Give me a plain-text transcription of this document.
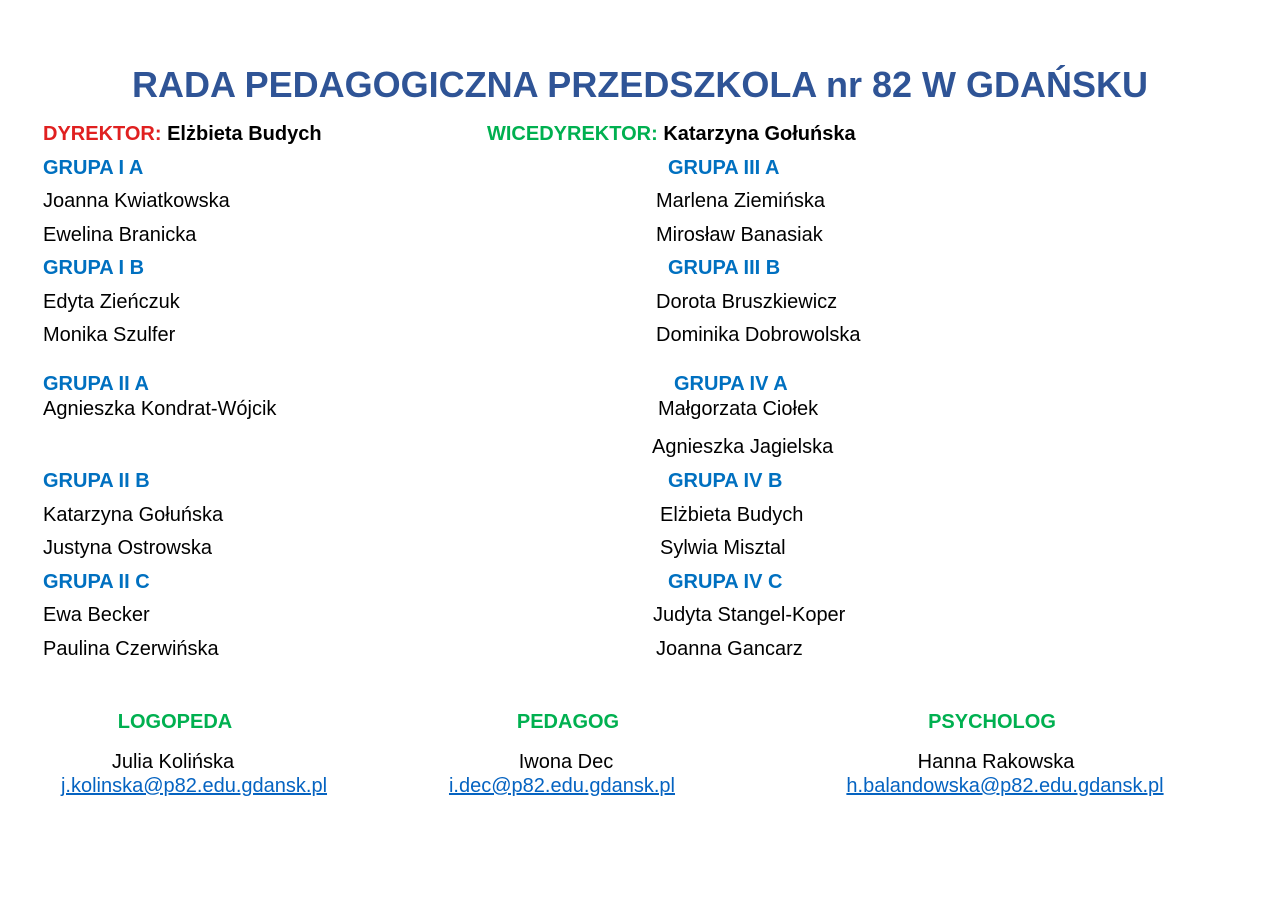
RADA PEDAGOGICZNA PRZEDSZKOLA nr 82 W GDAŃSKU
DYREKTOR: Elżbieta Budych	WICEDYREKTOR: Katarzyna Gołuńska
GRUPA I A
Joanna Kwiatkowska
Ewelina Branicka
GRUPA I B
Edyta Zieńczuk
Monika Szulfer
GRUPA II A
Agnieszka Kondrat-Wójcik
GRUPA II B
Katarzyna Gołuńska
Justyna Ostrowska
GRUPA II C
Ewa Becker
Paulina Czerwińska
GRUPA III A
Marlena Ziemińska
Mirosław Banasiak
GRUPA III B
Dorota Bruszkiewicz
Dominika Dobrowolska
GRUPA IV A
Małgorzata Ciołek
Agnieszka Jagielska
GRUPA IV B
Elżbieta Budych
Sylwia Misztal
GRUPA IV C
Judyta Stangel-Koper
Joanna Gancarz
LOGOPEDA
Julia Kolińska
j.kolinska@p82.edu.gdansk.pl
PEDAGOG
Iwona Dec
i.dec@p82.edu.gdansk.pl
PSYCHOLOG
Hanna Rakowska
h.balandowska@p82.edu.gdansk.pl
